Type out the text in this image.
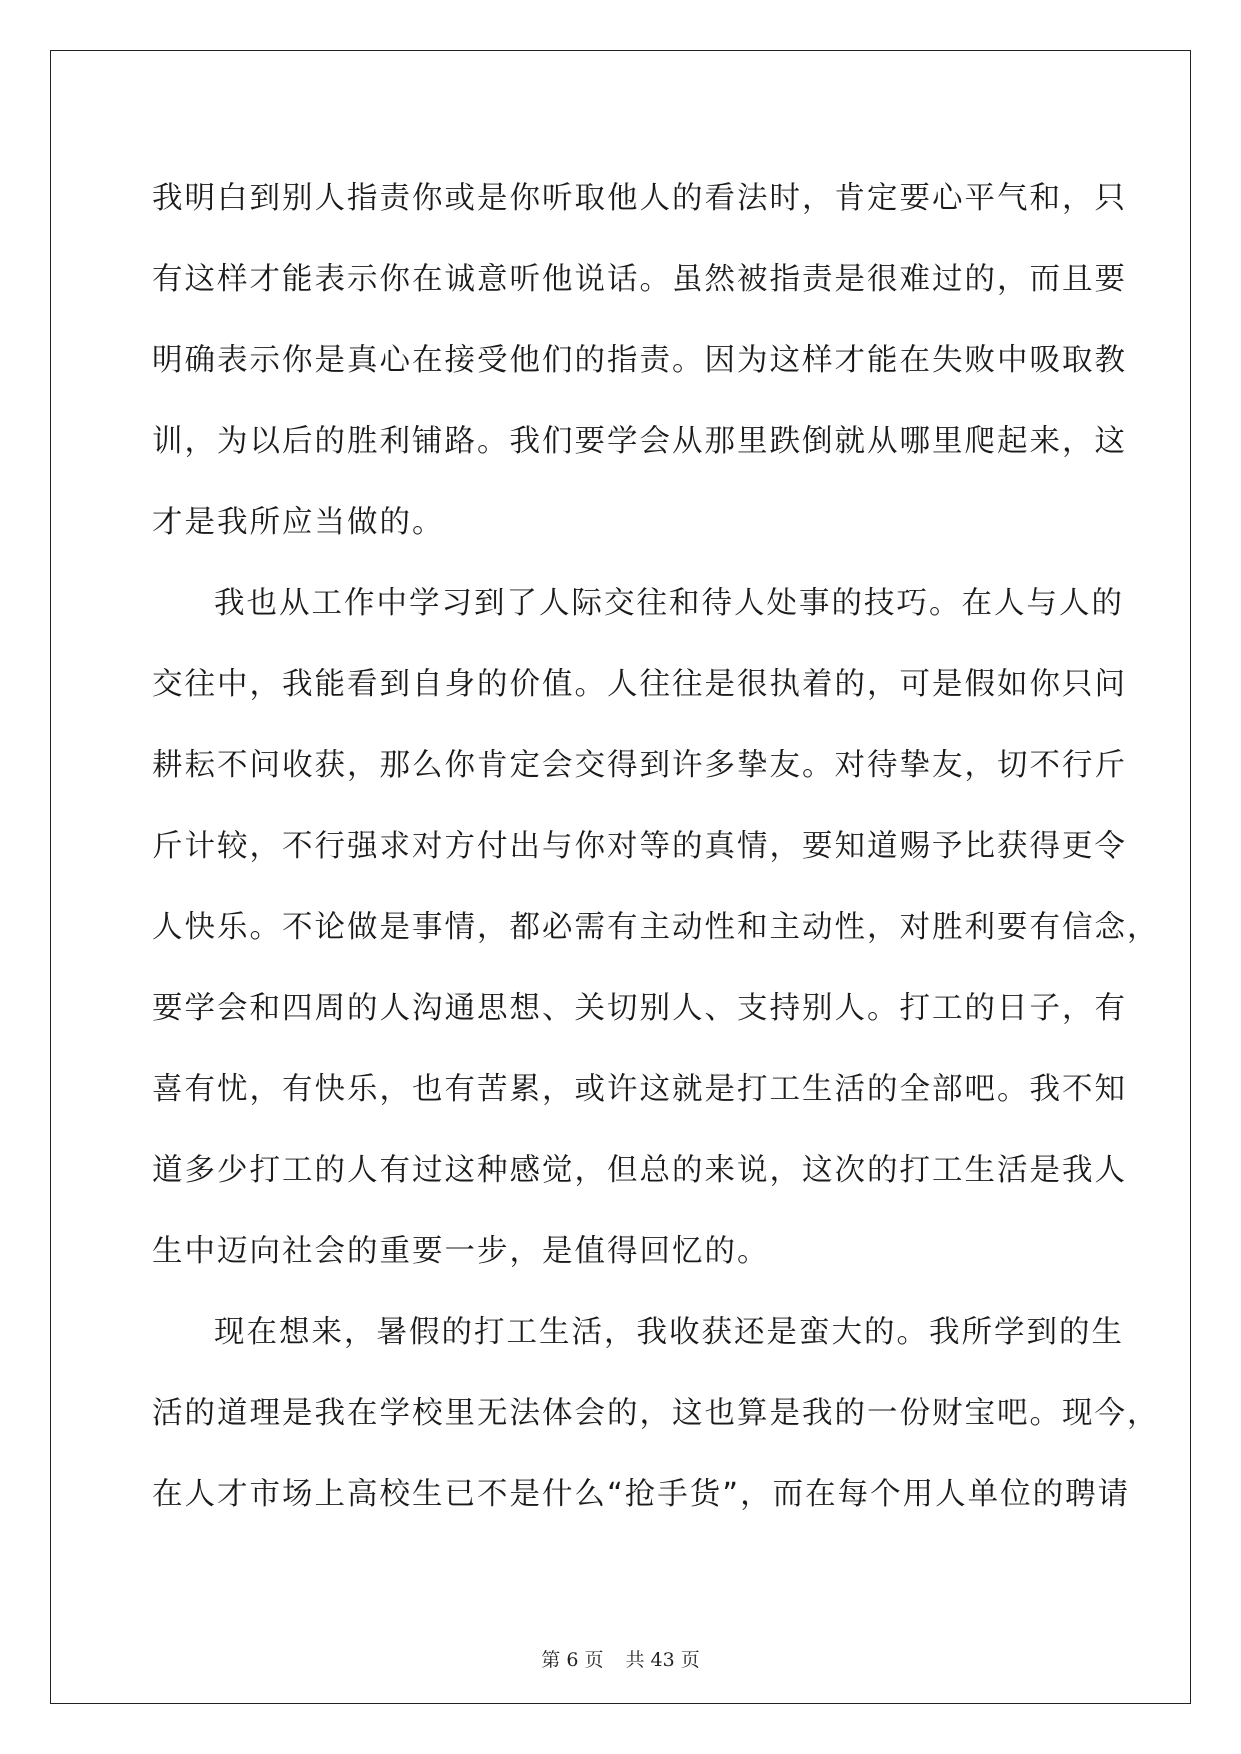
我明白到别人指责你或是你听取他人的看法时，肯定要心平气和，只
有这样才能表示你在诚意听他说话。虽然被指责是很难过的，而且要
明确表示你是真心在接受他们的指责。因为这样才能在失败中吸取教
训，为以后的胜利铺路。我们要学会从那里跌倒就从哪里爬起来，这
才是我所应当做的。
我也从工作中学习到了人际交往和待人处事的技巧。在人与人的
交往中，我能看到自身的价值。人往往是很执着的，可是假如你只问
耕耘不问收获，那么你肯定会交得到许多挚友。对待挚友，切不行斤
斤计较，不行强求对方付出与你对等的真情，要知道赐予比获得更令
人快乐。不论做是事情，都必需有主动性和主动性，对胜利要有信念，
要学会和四周的人沟通思想、关切别人、支持别人。打工的日子，有
喜有忧，有快乐，也有苦累，或许这就是打工生活的全部吧。我不知
道多少打工的人有过这种感觉，但总的来说，这次的打工生活是我人
生中迈向社会的重要一步，是值得回忆的。
现在想来，暑假的打工生活，我收获还是蛮大的。我所学到的生
活的道理是我在学校里无法体会的，这也算是我的一份财宝吧。现今，
在人才市场上高校生已不是什么“抢手货”，而在每个用人单位的聘请
第 6 页 共 43 页
